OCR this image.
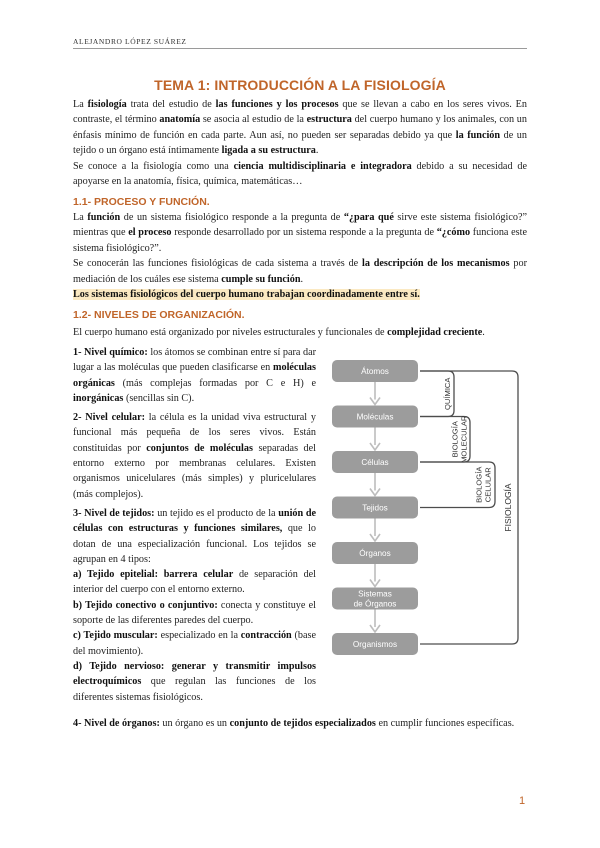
ALEJANDRO LÓPEZ SUÁREZ
TEMA 1: INTRODUCCIÓN A LA FISIOLOGÍA

La fisiología trata del estudio de las funciones y los procesos que se llevan a cabo en los seres vivos. En contraste, el término anatomía se asocia al estudio de la estructura del cuerpo humano y los animales, con un énfasis mínimo de función en cada parte. Aun así, no pueden ser separadas debido ya que la función de un tejido o un órgano está íntimamente ligada a su estructura.

Se conoce a la fisiología como una ciencia multidisciplinaria e integradora debido a su necesidad de apoyarse en la anatomía, física, química, matemáticas…

1.1- PROCESO Y FUNCIÓN.

La función de un sistema fisiológico responde a la pregunta de “¿para qué sirve este sistema fisiológico?” mientras que el proceso responde desarrollado por un sistema responde a la pregunta de “¿cómo funciona este sistema fisiológico?”.

Se conocerán las funciones fisiológicas de cada sistema a través de la descripción de los mecanismos por mediación de los cuáles ese sistema cumple su función.

Los sistemas fisiológicos del cuerpo humano trabajan coordinadamente entre sí.

1.2- NIVELES DE ORGANIZACIÓN.

El cuerpo humano está organizado por niveles estructurales y funcionales de complejidad creciente.

1- Nivel químico: los átomos se combinan entre sí para dar lugar a las moléculas que pueden clasificarse en moléculas orgánicas (más complejas formadas por C e H) e inorgánicas (sencillas sin C).

2- Nivel celular: la célula es la unidad viva estructural y funcional más pequeña de los seres vivos. Están constituidas por conjuntos de moléculas separadas del entorno externo por membranas celulares. Existen organismos unicelulares (más simples) y pluricelulares (más complejos).

3- Nivel de tejidos: un tejido es el producto de la unión de células con estructuras y funciones similares, que lo dotan de una especialización funcional. Los tejidos se agrupan en 4 tipos:

a) Tejido epitelial: barrera celular de separación del interior del cuerpo con el entorno externo.

b) Tejido conectivo o conjuntivo: conecta y constituye el soporte de las diferentes paredes del cuerpo.

c) Tejido muscular: especializado en la contracción (base del movimiento).

d) Tejido nervioso: generar y transmitir impulsos electroquímicos que regulan las funciones de los diferentes sistemas fisiológicos.

QUÍMICA
BIOLOGÍA MOLECULAR
BIOLOGÍA CELULAR FISIOLOGÍA
Átomos
Moléculas
Células
Tejidos
Órganos
Sistemas
de Órganos
Organismos

4- Nivel de órganos: un órgano es un conjunto de tejidos especializados en cumplir funciones específicas.

1
